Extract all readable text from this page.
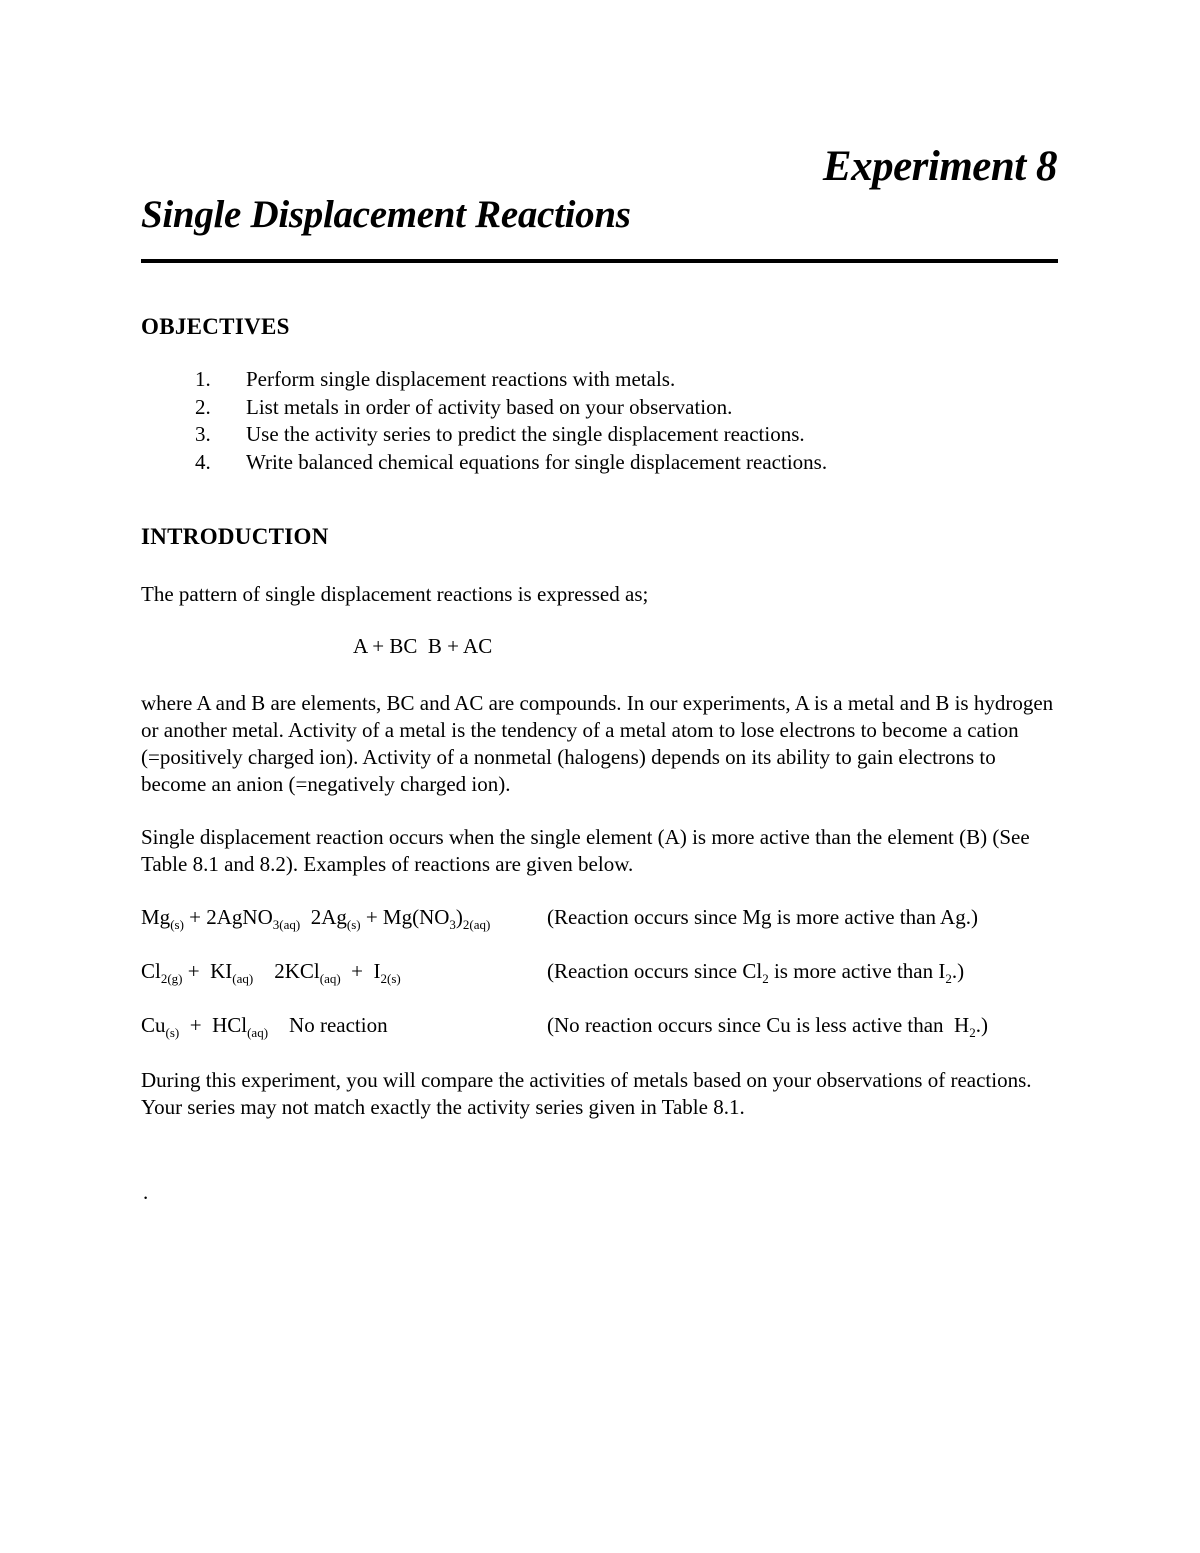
Experiment 8
Single Displacement Reactions
OBJECTIVES
1. Perform single displacement reactions with metals.
2. List metals in order of activity based on your observation.
3. Use the activity series to predict the single displacement reactions.
4. Write balanced chemical equations for single displacement reactions.
INTRODUCTION

The pattern of single displacement reactions is expressed as;

A + BC  B + AC

where A and B are elements, BC and AC are compounds. In our experiments, A is a metal and B is hydrogen or another metal. Activity of a metal is the tendency of a metal atom to lose electrons to become a cation (=positively charged ion). Activity of a nonmetal (halogens) depends on its ability to gain electrons to become an anion (=negatively charged ion).

Single displacement reaction occurs when the single element (A) is more active than the element (B) (See Table 8.1 and 8.2). Examples of reactions are given below.

$Mg_{(s)}$ + 2AgNO$_{3(aq)}$  $2Ag_{(s)} + Mg(NO_3)_{2(aq)}$	(Reaction occurs since Mg is more active than Ag.)
$Cl_{2(g)} + KI_{(aq)}$    $2KCl_{(aq)} + I_{2(s)}$	(Reaction occurs since $Cl_2$ is more active than $I_2$.)
$Cu_{(s)} + HCl_{(aq)}$    No reaction	(No reaction occurs since Cu is less active than  $H_2$.)

During this experiment, you will compare the activities of metals based on your observations of reactions. Your series may not match exactly the activity series given in Table 8.1.

.
